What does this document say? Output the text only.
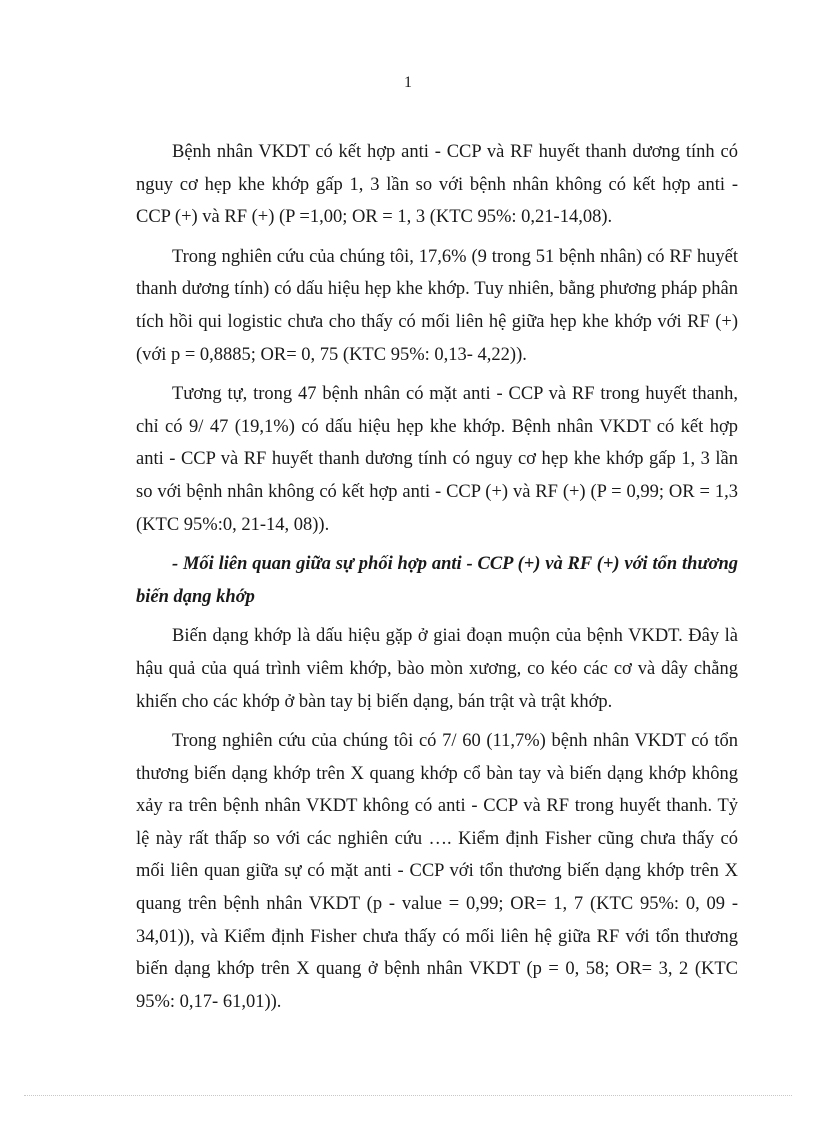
1

Bệnh nhân VKDT có kết hợp anti - CCP và RF huyết thanh dương tính có nguy cơ hẹp khe khớp gấp 1, 3 lần so với bệnh nhân không có kết hợp anti - CCP (+) và RF (+) (P =1,00; OR = 1, 3 (KTC 95%: 0,21-14,08).

Trong nghiên cứu của chúng tôi, 17,6% (9 trong 51 bệnh nhân) có RF huyết thanh dương tính) có dấu hiệu hẹp khe khớp. Tuy nhiên, bằng phương pháp phân tích hồi qui logistic chưa cho thấy có mối liên hệ giữa hẹp khe khớp với RF (+) (với p = 0,8885; OR= 0, 75 (KTC 95%: 0,13- 4,22)).

Tương tự, trong 47 bệnh nhân có mặt anti - CCP và RF trong huyết thanh, chỉ có 9/ 47 (19,1%) có dấu hiệu hẹp khe khớp. Bệnh nhân VKDT có kết hợp anti - CCP và RF huyết thanh dương tính có nguy cơ hẹp khe khớp gấp 1, 3 lần so với bệnh nhân không có kết hợp anti - CCP (+) và RF (+) (P = 0,99; OR = 1,3 (KTC 95%:0, 21-14, 08)).

- Mối liên quan giữa sự phối hợp anti - CCP (+) và RF (+) với tổn thương biến dạng khớp

Biến dạng khớp là dấu hiệu gặp ở giai đoạn muộn của bệnh VKDT. Đây là hậu quả của quá trình viêm khớp, bào mòn xương, co kéo các cơ và dây chằng khiến cho các khớp ở bàn tay bị biến dạng, bán trật và trật khớp.

Trong nghiên cứu của chúng tôi có 7/ 60 (11,7%) bệnh nhân VKDT có tổn thương biến dạng khớp trên X quang khớp cổ bàn tay và biến dạng khớp không xảy ra trên bệnh nhân VKDT không có anti - CCP và RF trong huyết thanh. Tỷ lệ này rất thấp so với các nghiên cứu …. Kiểm định Fisher cũng chưa thấy có mối liên quan giữa sự có mặt anti - CCP với tổn thương biến dạng khớp trên X quang trên bệnh nhân VKDT (p - value = 0,99; OR= 1, 7 (KTC 95%: 0, 09 - 34,01)), và Kiểm định Fisher chưa thấy có mối liên hệ giữa RF với tổn thương biến dạng khớp trên X quang ở bệnh nhân VKDT (p = 0, 58; OR= 3, 2 (KTC 95%: 0,17- 61,01)).
